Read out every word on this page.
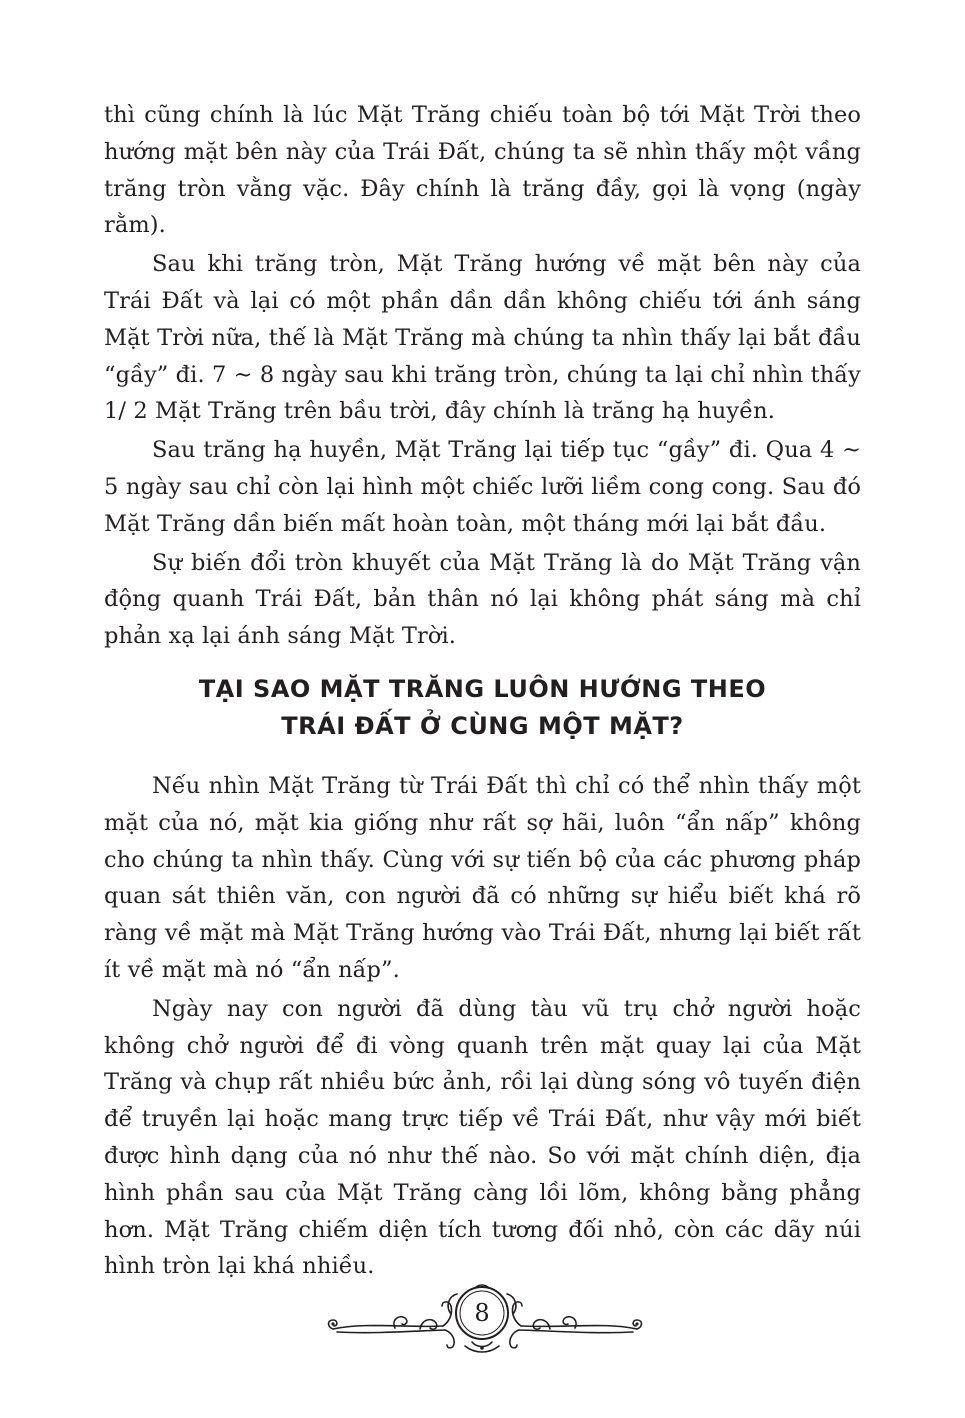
thì cũng chính là lúc Mặt Trăng chiếu toàn bộ tới Mặt Trời theo hướng mặt bên này của Trái Đất, chúng ta sẽ nhìn thấy một vầng trăng tròn vằng vặc. Đây chính là trăng đầy, gọi là vọng (ngày rằm).

Sau khi trăng tròn, Mặt Trăng hướng về mặt bên này của Trái Đất và lại có một phần dần dần không chiếu tới ánh sáng Mặt Trời nữa, thế là Mặt Trăng mà chúng ta nhìn thấy lại bắt đầu “gầy” đi. 7 ~ 8 ngày sau khi trăng tròn, chúng ta lại chỉ nhìn thấy 1/ 2 Mặt Trăng trên bầu trời, đây chính là trăng hạ huyền.

Sau trăng hạ huyền, Mặt Trăng lại tiếp tục “gầy” đi. Qua 4 ~ 5 ngày sau chỉ còn lại hình một chiếc lưỡi liềm cong cong. Sau đó Mặt Trăng dần biến mất hoàn toàn, một tháng mới lại bắt đầu.

Sự biến đổi tròn khuyết của Mặt Trăng là do Mặt Trăng vận động quanh Trái Đất, bản thân nó lại không phát sáng mà chỉ phản xạ lại ánh sáng Mặt Trời.

TẠI SAO MẶT TRĂNG LUÔN HƯỚNG THEO
TRÁI ĐẤT Ở CÙNG MỘT MẶT?

Nếu nhìn Mặt Trăng từ Trái Đất thì chỉ có thể nhìn thấy một mặt của nó, mặt kia giống như rất sợ hãi, luôn “ẩn nấp” không cho chúng ta nhìn thấy. Cùng với sự tiến bộ của các phương pháp quan sát thiên văn, con người đã có những sự hiểu biết khá rõ ràng về mặt mà Mặt Trăng hướng vào Trái Đất, nhưng lại biết rất ít về mặt mà nó “ẩn nấp”.

Ngày nay con người đã dùng tàu vũ trụ chở người hoặc không chở người để đi vòng quanh trên mặt quay lại của Mặt Trăng và chụp rất nhiều bức ảnh, rồi lại dùng sóng vô tuyến điện để truyền lại hoặc mang trực tiếp về Trái Đất, như vậy mới biết được hình dạng của nó như thế nào. So với mặt chính diện, địa hình phần sau của Mặt Trăng càng lồi lõm, không bằng phẳng hơn. Mặt Trăng chiếm diện tích tương đối nhỏ, còn các dãy núi hình tròn lại khá nhiều.

8
